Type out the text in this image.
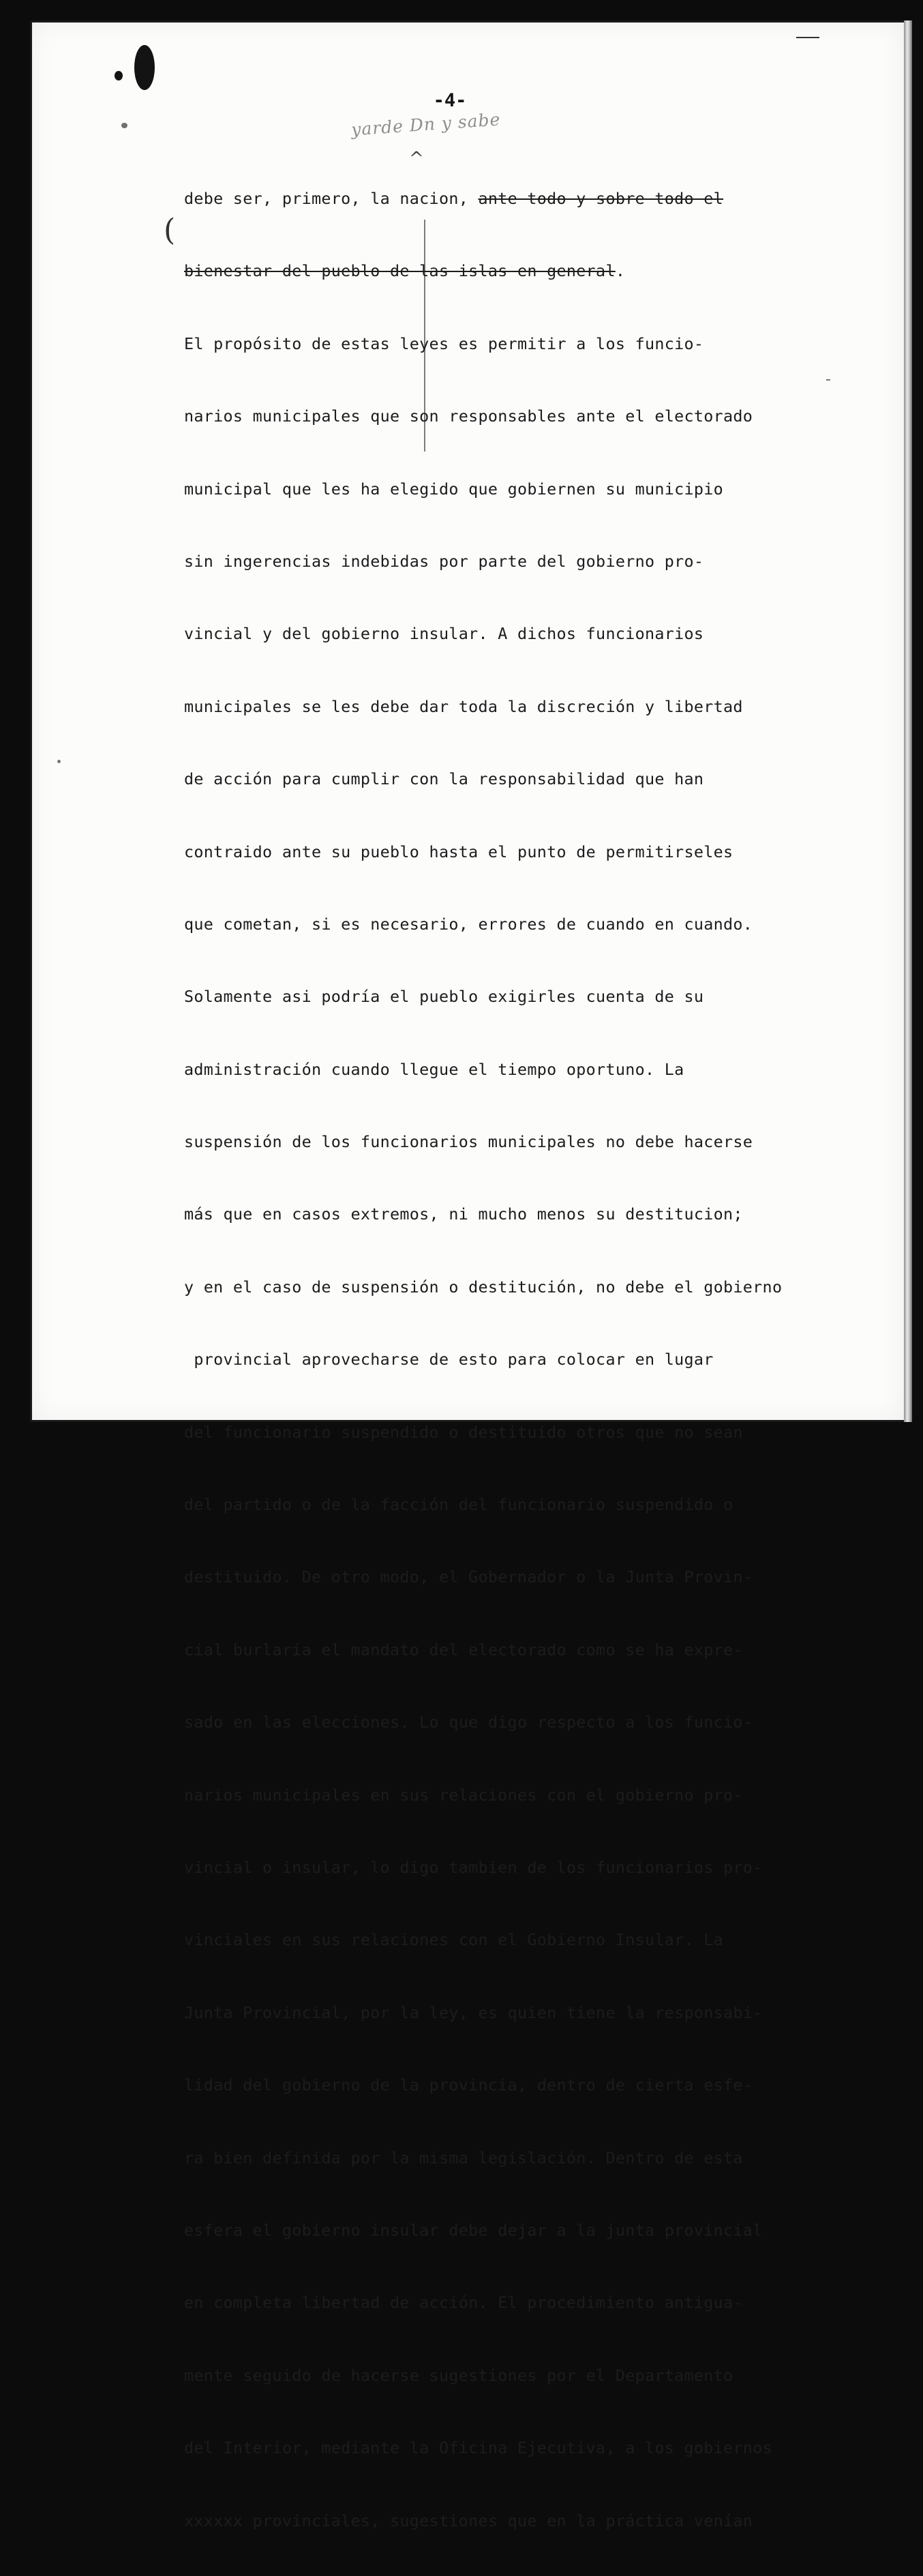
-4-
yarde Dn y sabe
^
(

debe ser, primero, la nacion, ante todo y sobre todo el

bienestar del pueblo de las islas en general.

El propósito de estas leyes es permitir a los funcio-

narios municipales que son responsables ante el electorado

municipal que les ha elegido que gobiernen su municipio

sin ingerencias indebidas por parte del gobierno pro-

vincial y del gobierno insular. A dichos funcionarios

municipales se les debe dar toda la discreción y libertad

de acción para cumplir con la responsabilidad que han

contraido ante su pueblo hasta el punto de permitirseles

que cometan, si es necesario, errores de cuando en cuando.

Solamente asi podría el pueblo exigirles cuenta de su

administración cuando llegue el tiempo oportuno. La

suspensión de los funcionarios municipales no debe hacerse

más que en casos extremos, ni mucho menos su destitucion;

y en el caso de suspensión o destitución, no debe el gobierno

provincial aprovecharse de esto para colocar en lugar

del funcionario suspendido o destituido otros que no sean

del partido o de la facción del funcionario suspendido o

destituido. De otro modo, el Gobernador o la Junta Provin-

cial burlaría el mandato del electorado como se ha expre-

sado en las elecciones. Lo que digo respecto a los funcio-

narios municipales en sus relaciones con el gobierno pro-

vincial o insular, lo digo tambien de los funcionarios pro-

vinciales en sus relaciones con el Gobierno Insular. La

Junta Provincial, por la ley, es quien tiene la responsabi-

lidad del gobierno de la provincia, dentro de cierta esfe-

ra bien definida por la misma legislación. Dentro de esta

esfera el gobierno insular debe dejar a la junta provincial

en completa libertad de acción. El procedimiento antigua-

mente seguido de hacerse sugestiones por el Departamento

del Interior, mediante la Oficina Ejecutiva, a los gobiernos

xxxxxx provinciales, sugestiones que en la práctica venían
